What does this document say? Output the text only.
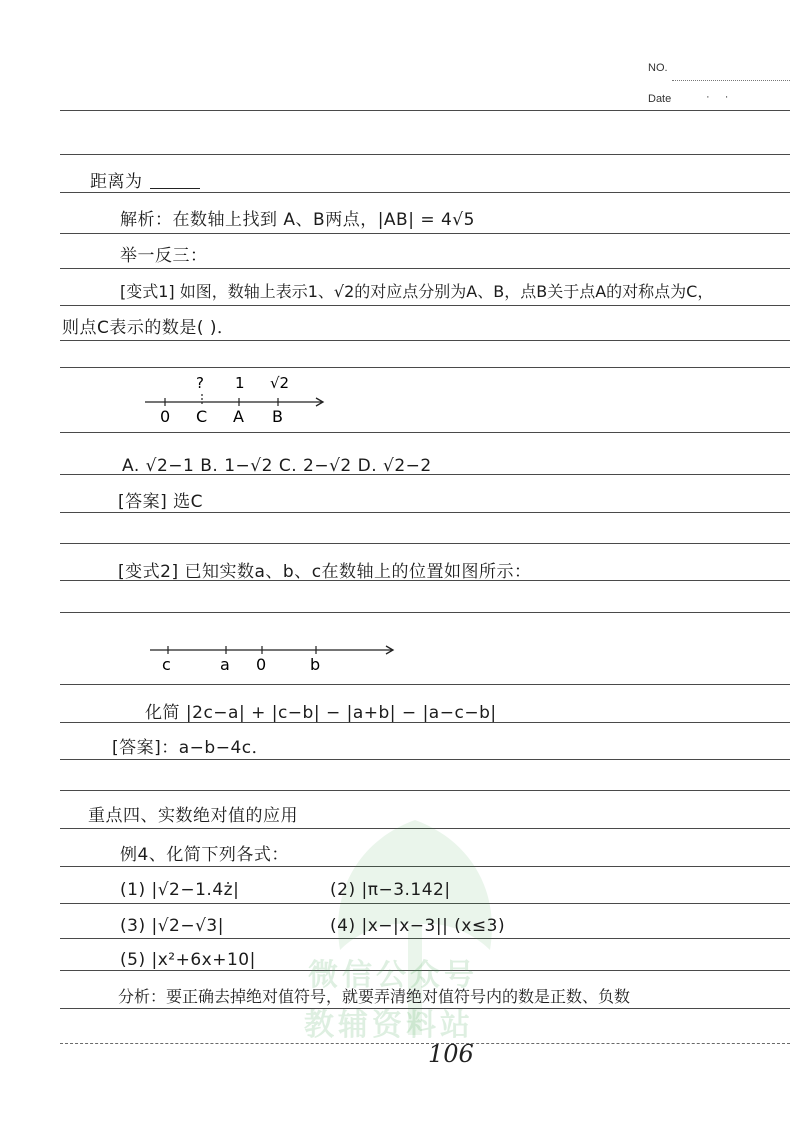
NO.
Date	· ·
微信公众号
教辅资料站
距离为
解析：在数轴上找到 A、B两点，|AB| = 4√5
举一反三：
[变式1] 如图，数轴上表示1、√2的对应点分别为A、B，点B关于点A的对称点为C，
则点C表示的数是( )．
? 1 √2
0 C A B
A. √2−1 B. 1−√2 C. 2−√2 D. √2−2
[答案] 选C
[变式2] 已知实数a、b、c在数轴上的位置如图所示：
c	a 0	b
化简 |2c−a| + |c−b| − |a+b| − |a−c−b|
[答案]：a−b−4c．
重点四、实数绝对值的应用
例4、化简下列各式：
(1) |√2−1.4ż|	(2) |π−3.142|
(3) |√2−√3|	(4) |x−|x−3|| (x≤3)
(5) |x²+6x+10|
分析：要正确去掉绝对值符号，就要弄清绝对值符号内的数是正数、负数
106
